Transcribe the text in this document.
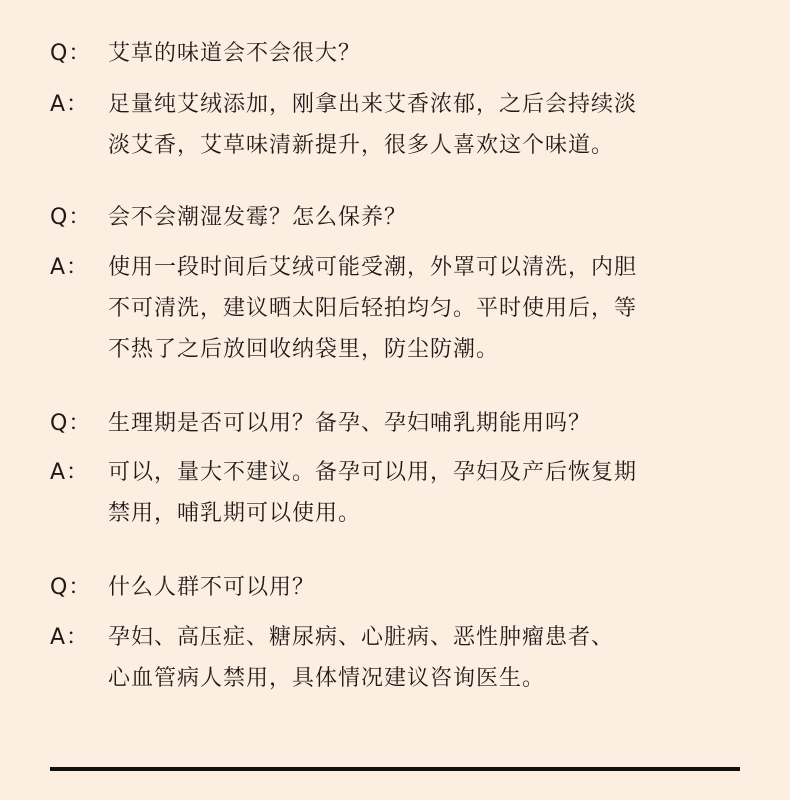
Q： 艾草的味道会不会很大？
A： 足量纯艾绒添加，刚拿出来艾香浓郁，之后会持续淡
淡艾香，艾草味清新提升，很多人喜欢这个味道。
Q： 会不会潮湿发霉？怎么保养？
A： 使用一段时间后艾绒可能受潮，外罩可以清洗，内胆
不可清洗，建议晒太阳后轻拍均匀。平时使用后，等
不热了之后放回收纳袋里，防尘防潮。
Q： 生理期是否可以用？备孕、孕妇哺乳期能用吗？
A： 可以，量大不建议。备孕可以用，孕妇及产后恢复期
禁用，哺乳期可以使用。
Q： 什么人群不可以用？
A： 孕妇、高压症、糖尿病、心脏病、恶性肿瘤患者、
心血管病人禁用，具体情况建议咨询医生。
